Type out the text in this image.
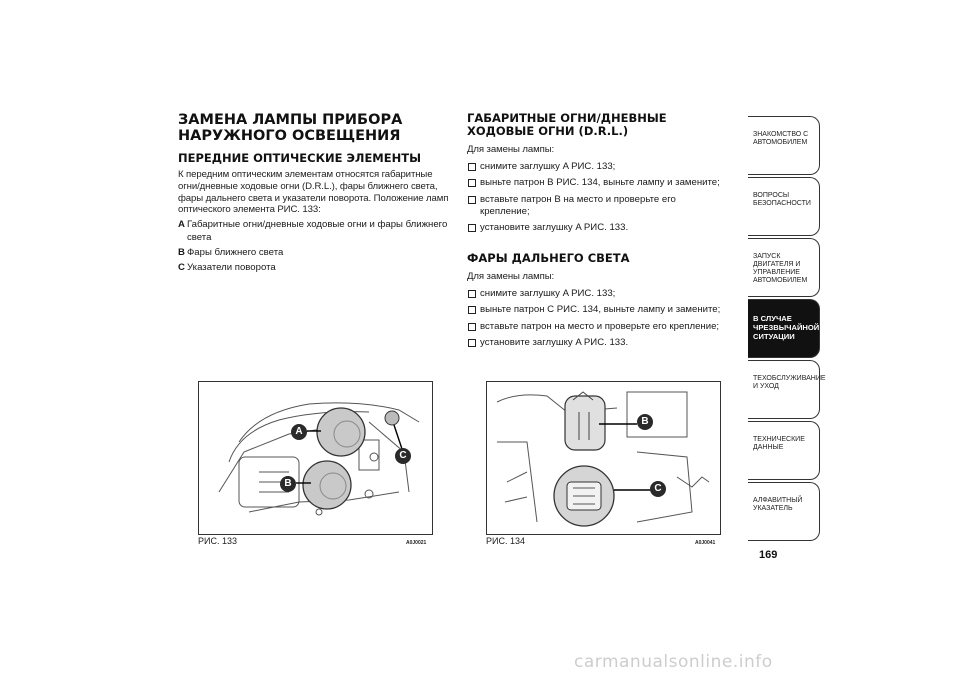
ЗАМЕНА ЛАМПЫ ПРИБОРА НАРУЖНОГО ОСВЕЩЕНИЯ
ПЕРЕДНИЕ ОПТИЧЕСКИЕ ЭЛЕМЕНТЫ

К передним оптическим элементам относятся габаритные огни/дневные ходовые огни (D.R.L.), фары ближнего света, фары дальнего света и указатели поворота. Положение ламп оптического элемента РИС. 133:

A Габаритные огни/дневные ходовые огни и фары ближнего света
B Фары ближнего света
C Указатели поворота
ГАБАРИТНЫЕ ОГНИ/ДНЕВНЫЕ ХОДОВЫЕ ОГНИ (D.R.L.)

Для замены лампы:

снимите заглушку A РИС. 133;
выньте патрон B РИС. 134, выньте лампу и замените;
вставьте патрон B на место и проверьте его крепление;
установите заглушку A РИС. 133.
ФАРЫ ДАЛЬНЕГО СВЕТА

Для замены лампы:

снимите заглушку A РИС. 133;
выньте патрон C РИС. 134, выньте лампу и замените;
вставьте патрон на место и проверьте его крепление;
установите заглушку A РИС. 133.
A
B
C
РИС. 133	A0J0021
B
C
РИС. 134	A0J0041
ЗНАКОМСТВО С АВТОМОБИЛЕМ
ВОПРОСЫ БЕЗОПАСНОСТИ
ЗАПУСК ДВИГАТЕЛЯ И УПРАВЛЕНИЕ АВТОМОБИЛЕМ
В СЛУЧАЕ ЧРЕЗВЫЧАЙНОЙ СИТУАЦИИ
ТЕХОБСЛУЖИВАНИЕ И УХОД
ТЕХНИЧЕСКИЕ ДАННЫЕ
АЛФАВИТНЫЙ УКАЗАТЕЛЬ
169
carmanualsonline.info
